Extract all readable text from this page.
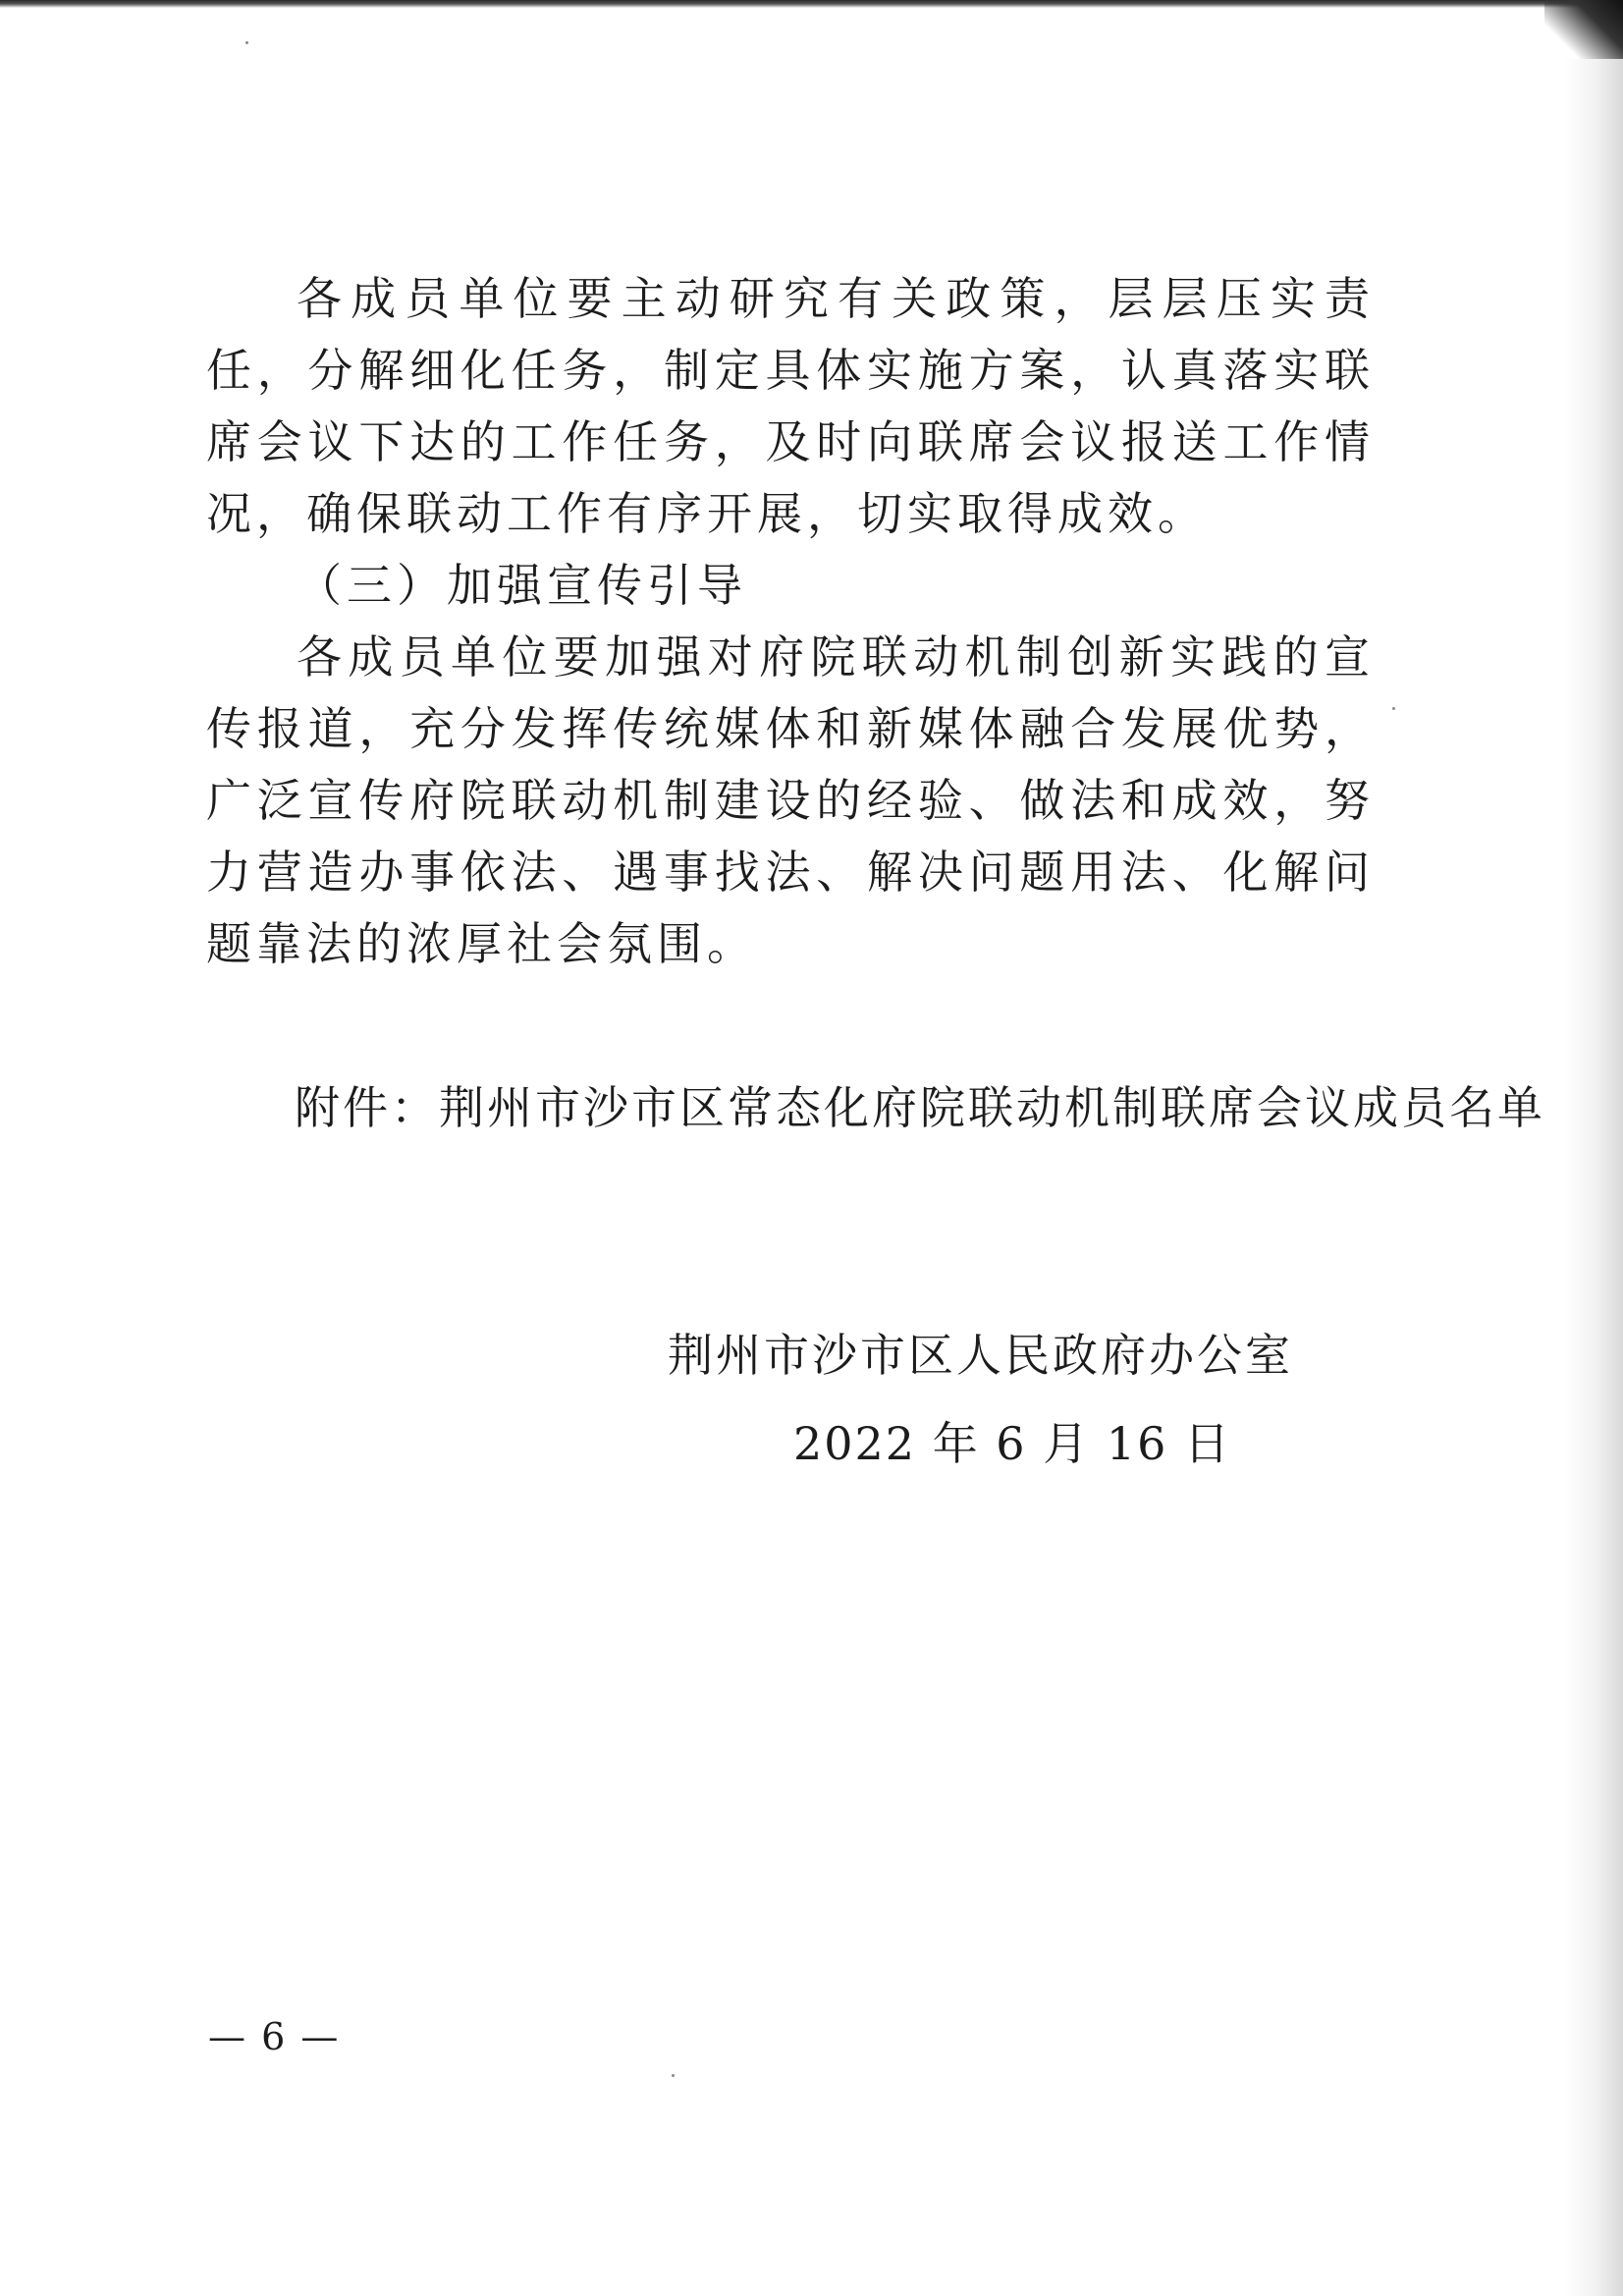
各成员单位要主动研究有关政策，层层压实责任，分解细化任务，制定具体实施方案，认真落实联席会议下达的工作任务，及时向联席会议报送工作情况，确保联动工作有序开展，切实取得成效。

（三）加强宣传引导

各成员单位要加强对府院联动机制创新实践的宣传报道，充分发挥传统媒体和新媒体融合发展优势，广泛宣传府院联动机制建设的经验、做法和成效，努力营造办事依法、遇事找法、解决问题用法、化解问题靠法的浓厚社会氛围。

附件：荆州市沙市区常态化府院联动机制联席会议成员名单
荆州市沙市区人民政府办公室
2022 年 6 月 16 日
— 6 —
